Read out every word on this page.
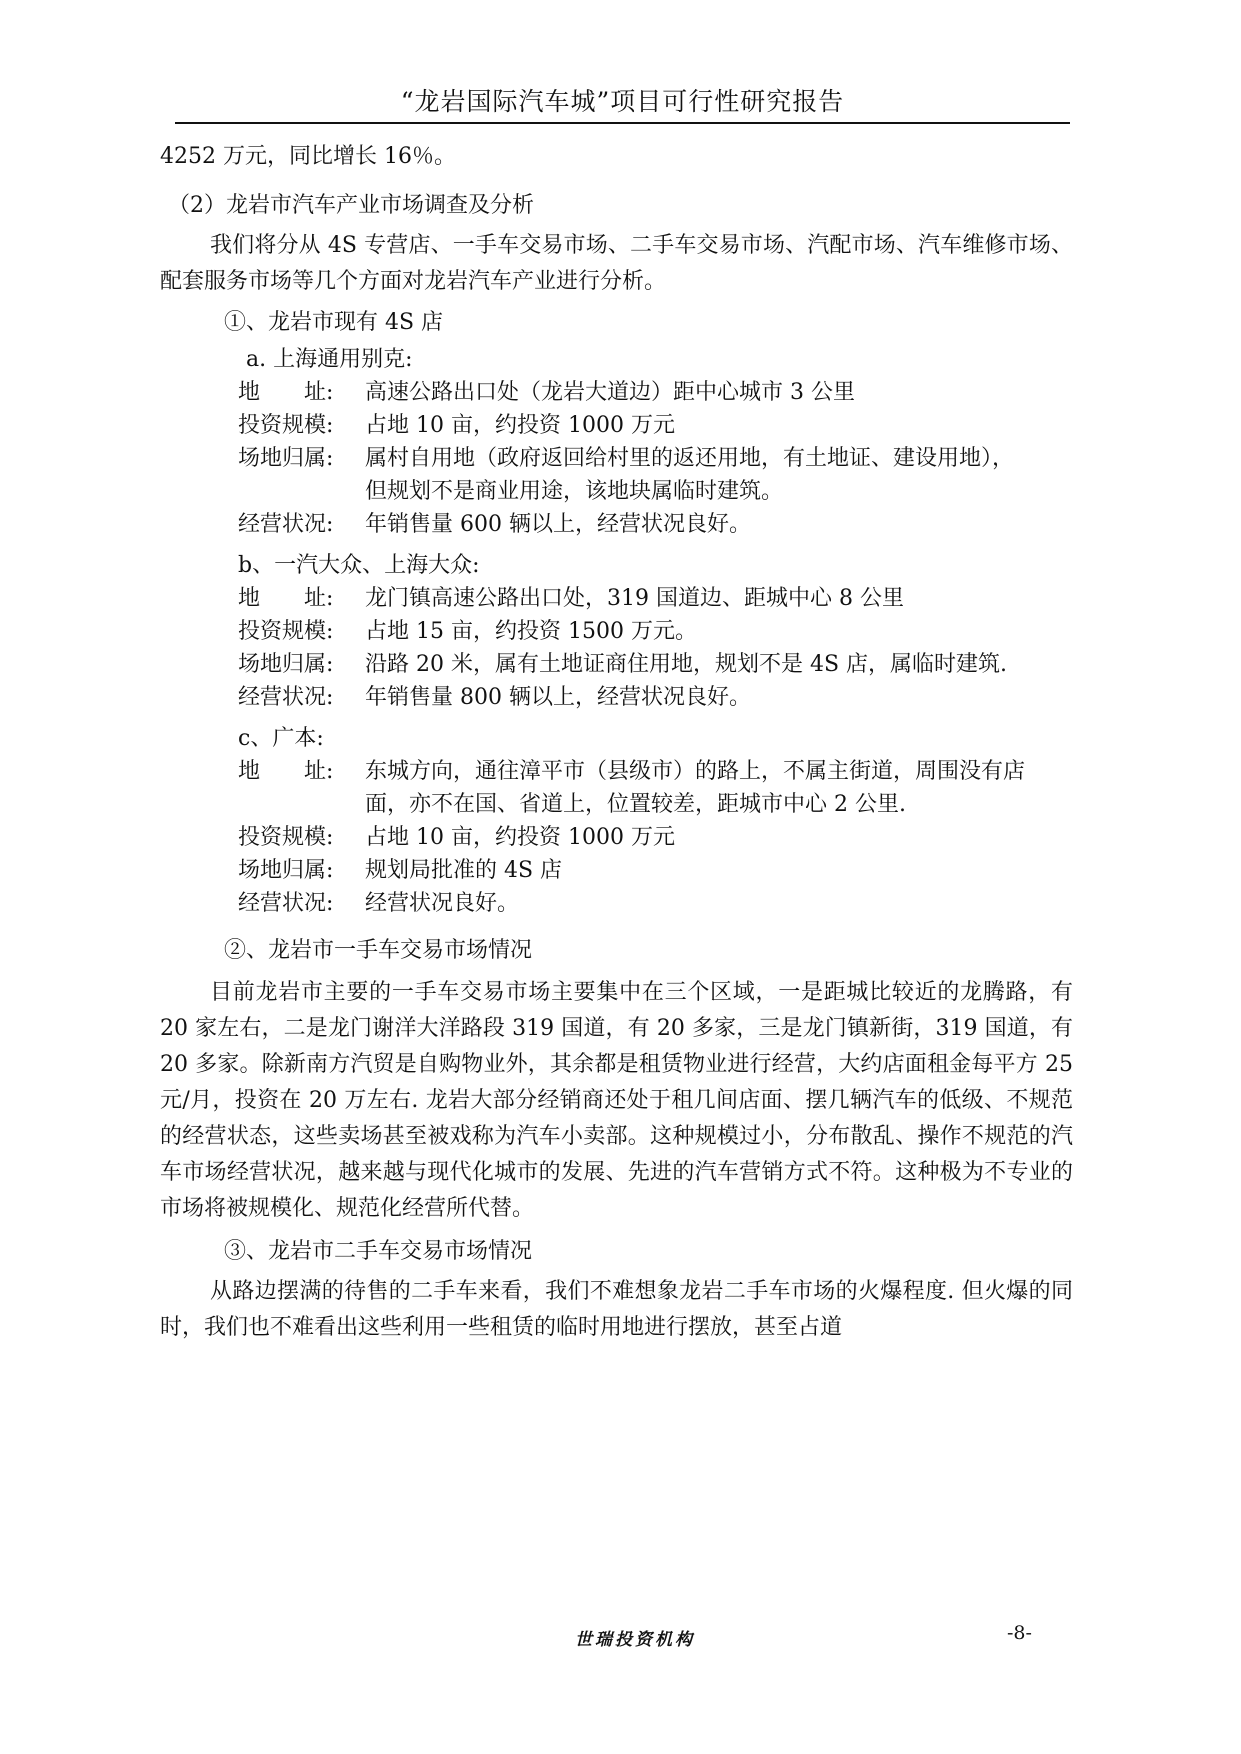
“龙岩国际汽车城”项目可行性研究报告

4252 万元，同比增长 16％。

（2）龙岩市汽车产业市场调查及分析

我们将分从 4S 专营店、一手车交易市场、二手车交易市场、汽配市场、汽车维修市场、配套服务市场等几个方面对龙岩汽车产业进行分析。

①、龙岩市现有 4S 店

a. 上海通用别克:

地　　址:	高速公路出口处（龙岩大道边）距中心城市 3 公里
投资规模:	占地 10 亩，约投资 1000 万元
场地归属:	属村自用地（政府返回给村里的返还用地，有土地证、建设用地），但规划不是商业用途，该地块属临时建筑。
经营状况:	年销售量 600 辆以上，经营状况良好。

b、一汽大众、上海大众:

地　　址:	龙门镇高速公路出口处，319 国道边、距城中心 8 公里
投资规模:	占地 15 亩，约投资 1500 万元。
场地归属:	沿路 20 米，属有土地证商住用地，规划不是 4S 店，属临时建筑.
经营状况:	年销售量 800 辆以上，经营状况良好。

c、广本:

地　　址:	东城方向，通往漳平市（县级市）的路上，不属主街道，周围没有店面，亦不在国、省道上，位置较差，距城市中心 2 公里.
投资规模:	占地 10 亩，约投资 1000 万元
场地归属:	规划局批准的 4S 店
经营状况:	经营状况良好。

②、龙岩市一手车交易市场情况

目前龙岩市主要的一手车交易市场主要集中在三个区域，一是距城比较近的龙腾路，有 20 家左右，二是龙门谢洋大洋路段 319 国道，有 20 多家，三是龙门镇新街，319 国道，有 20 多家。除新南方汽贸是自购物业外，其余都是租赁物业进行经营，大约店面租金每平方 25 元/月，投资在 20 万左右. 龙岩大部分经销商还处于租几间店面、摆几辆汽车的低级、不规范的经营状态，这些卖场甚至被戏称为汽车小卖部。这种规模过小，分布散乱、操作不规范的汽车市场经营状况，越来越与现代化城市的发展、先进的汽车营销方式不符。这种极为不专业的市场将被规模化、规范化经营所代替。

③、龙岩市二手车交易市场情况

从路边摆满的待售的二手车来看，我们不难想象龙岩二手车市场的火爆程度. 但火爆的同时，我们也不难看出这些利用一些租赁的临时用地进行摆放，甚至占道

世瑞投资机构	-8-
